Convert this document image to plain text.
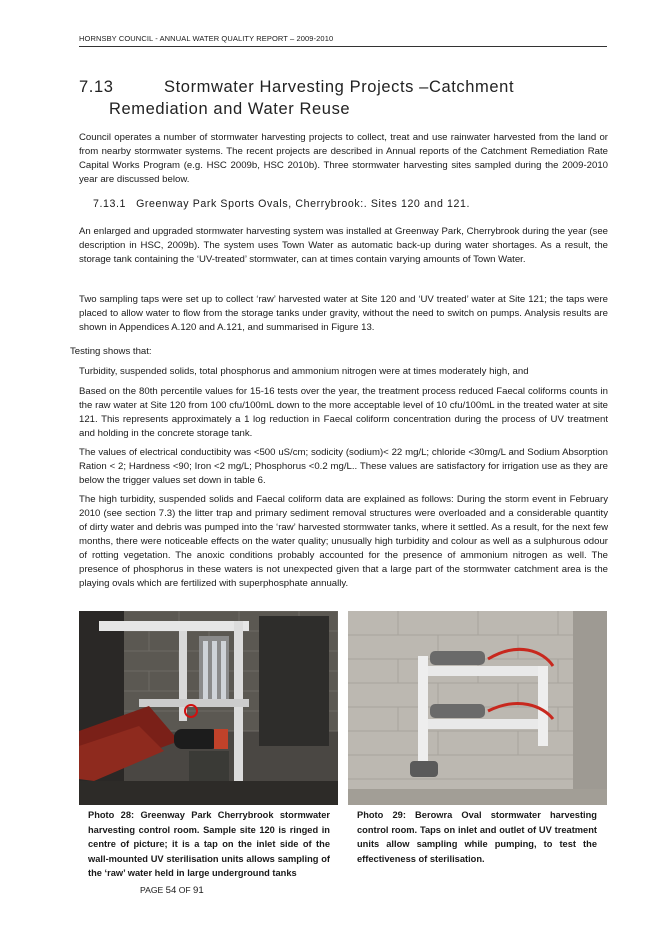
HORNSBY COUNCIL - ANNUAL WATER QUALITY REPORT – 2009-2010
7.13	Stormwater Harvesting Projects –Catchment
Remediation and Water Reuse

Council operates a number of stormwater harvesting projects to collect, treat and use rainwater harvested from the land or from nearby stormwater systems. The recent projects are described in Annual reports of the Catchment Remediation Rate Capital Works Program (e.g. HSC 2009b, HSC 2010b). Three stormwater harvesting sites sampled during the 2009-2010 year are discussed below.

7.13.1 Greenway Park Sports Ovals, Cherrybrook:. Sites 120 and 121.

An enlarged and upgraded stormwater harvesting system was installed at Greenway Park, Cherrybrook during the year (see description in HSC, 2009b). The system uses Town Water as automatic back-up during water shortages. As a result, the storage tank containing the ‘UV-treated’ stormwater, can at times contain varying amounts of Town Water.

Two sampling taps were set up to collect ‘raw’ harvested water at Site 120 and ‘UV treated’ water at Site 121; the taps were placed to allow water to flow from the storage tanks under gravity, without the need to switch on pumps. Analysis results are shown in Appendices A.120 and A.121, and summarised in Figure 13.

Testing shows that:

Turbidity, suspended solids, total phosphorus and ammonium nitrogen were at times moderately high, and

Based on the 80th percentile values for 15-16 tests over the year, the treatment process reduced Faecal coliforms counts in the raw water at Site 120 from 100 cfu/100mL down to the more acceptable level of 10 cfu/100mL in the treated water at site 121. This represents approximately a 1 log reduction in Faecal coliform concentration during the process of UV treatment and holding in the concrete storage tank.

The values of electrical conductibity was <500 uS/cm; sodicity (sodium)< 22 mg/L; chloride <30mg/L and Sodium Absorption Ration < 2; Hardness <90; Iron <2 mg/L; Phosphorus <0.2 mg/L.. These values are satisfactory for irrigation use as they are below the trigger values set down in table 6.

The high turbidity, suspended solids and Faecal coliform data are explained as follows: During the storm event in February 2010 (see section 7.3) the litter trap and primary sediment removal structures were overloaded and a considerable quantity of dirty water and debris was pumped into the ‘raw’ harvested stormwater tanks, where it settled. As a result, for the next few months, there were noticeable effects on the water quality; unusually high turbidity and colour as well as a sulphurous odour of rotting vegetation. The anoxic conditions probably accounted for the presence of ammonium nitrogen as well. The presence of phosphorus in these waters is not unexpected given that a large part of the stormwater catchment area is the playing ovals which are fertilized with superphosphate annually.

Photo 28: Greenway Park Cherrybrook stormwater harvesting control room. Sample site 120 is ringed in centre of picture; it is a tap on the inlet side of the wall-mounted UV sterilisation units allows sampling of the ‘raw’ water held in large underground tanks
Photo 29: Berowra Oval stormwater harvesting control room. Taps on inlet and outlet of UV treatment units allow sampling while pumping, to test the effectiveness of sterilisation.
PAGE 54 OF 91
